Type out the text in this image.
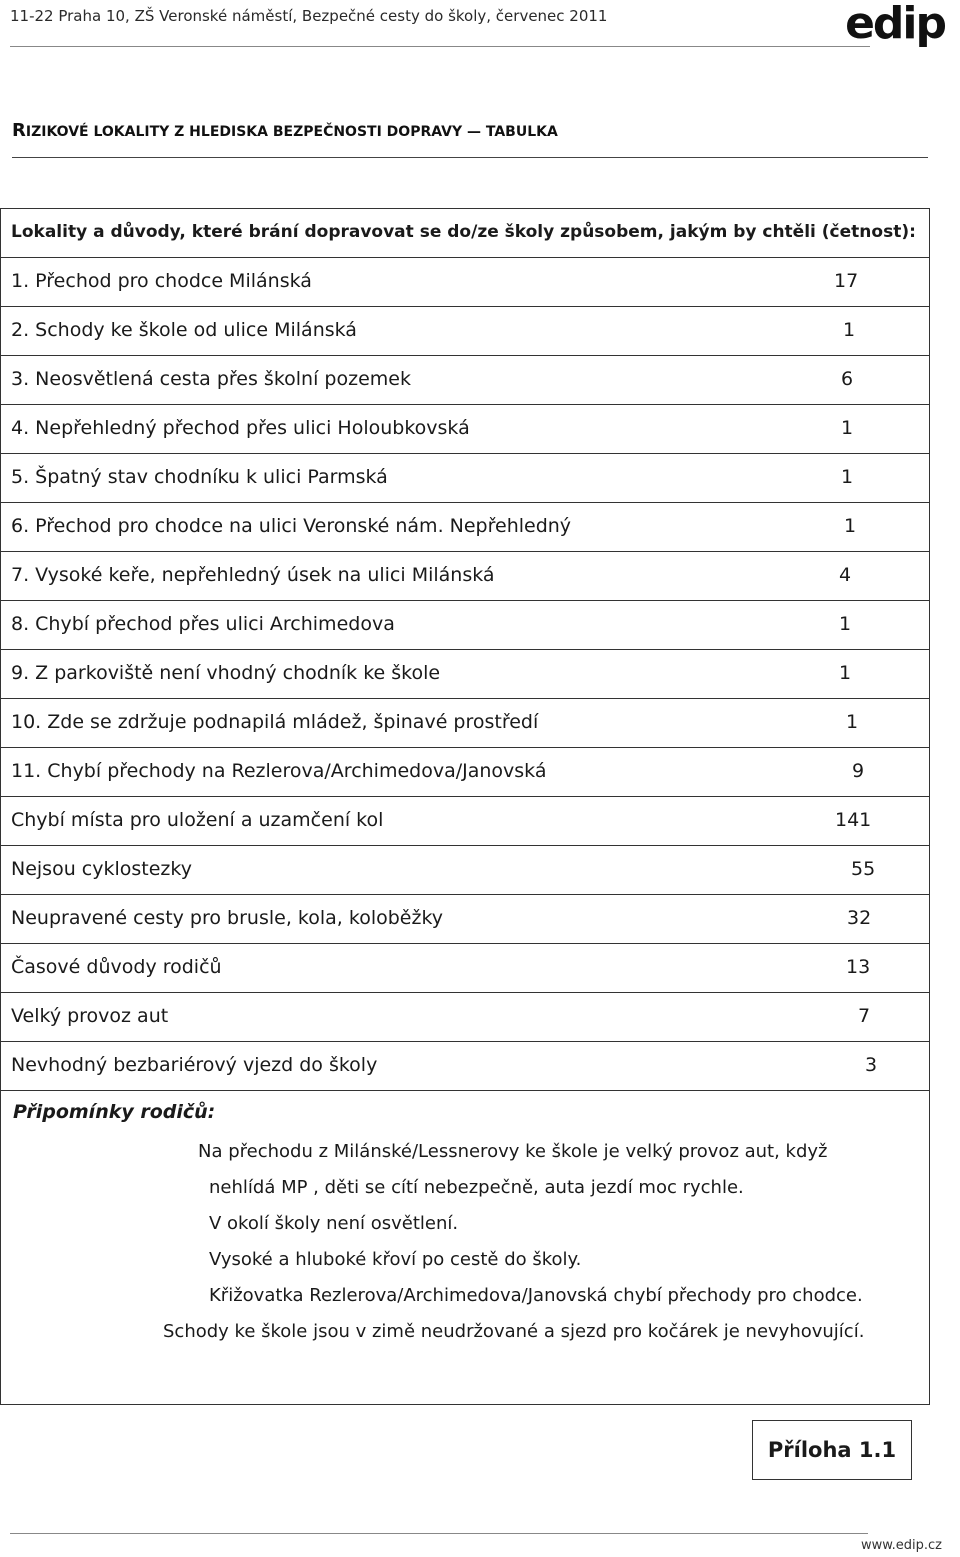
11-22 Praha 10, ZŠ Veronské náměstí, Bezpečné cesty do školy, červenec 2011	edip
RIZIKOVÉ LOKALITY Z HLEDISKA BEZPEČNOSTI DOPRAVY — TABULKA
Lokality a důvody, které brání dopravovat se do/ze školy způsobem, jakým by chtěli (četnost):
1. Přechod pro chodce Milánská	17
2. Schody ke škole od ulice Milánská	1
3. Neosvětlená cesta přes školní pozemek	6
4. Nepřehledný přechod přes ulici Holoubkovská	1
5. Špatný stav chodníku k ulici Parmská	1
6. Přechod pro chodce na ulici Veronské nám. Nepřehledný	1
7. Vysoké keře, nepřehledný úsek na ulici Milánská	4
8. Chybí přechod přes ulici Archimedova	1
9. Z parkoviště není vhodný chodník ke škole	1
10. Zde se zdržuje podnapilá mládež, špinavé prostředí	1
11. Chybí přechody na Rezlerova/Archimedova/Janovská	9
Chybí místa pro uložení a uzamčení kol	141
Nejsou cyklostezky	55
Neupravené cesty pro brusle, kola, koloběžky	32
Časové důvody rodičů	13
Velký provoz aut	7
Nevhodný bezbariérový vjezd do školy	3
Připomínky rodičů:
Na přechodu z Milánské/Lessnerovy ke škole je velký provoz aut, když
nehlídá MP , děti se cítí nebezpečně, auta jezdí moc rychle.
V okolí školy není osvětlení.
Vysoké a hluboké křoví po cestě do školy.
Křižovatka Rezlerova/Archimedova/Janovská chybí přechody pro chodce.
Schody ke škole jsou v zimě neudržované a sjezd pro kočárek je nevyhovující.
Příloha 1.1
www.edip.cz
